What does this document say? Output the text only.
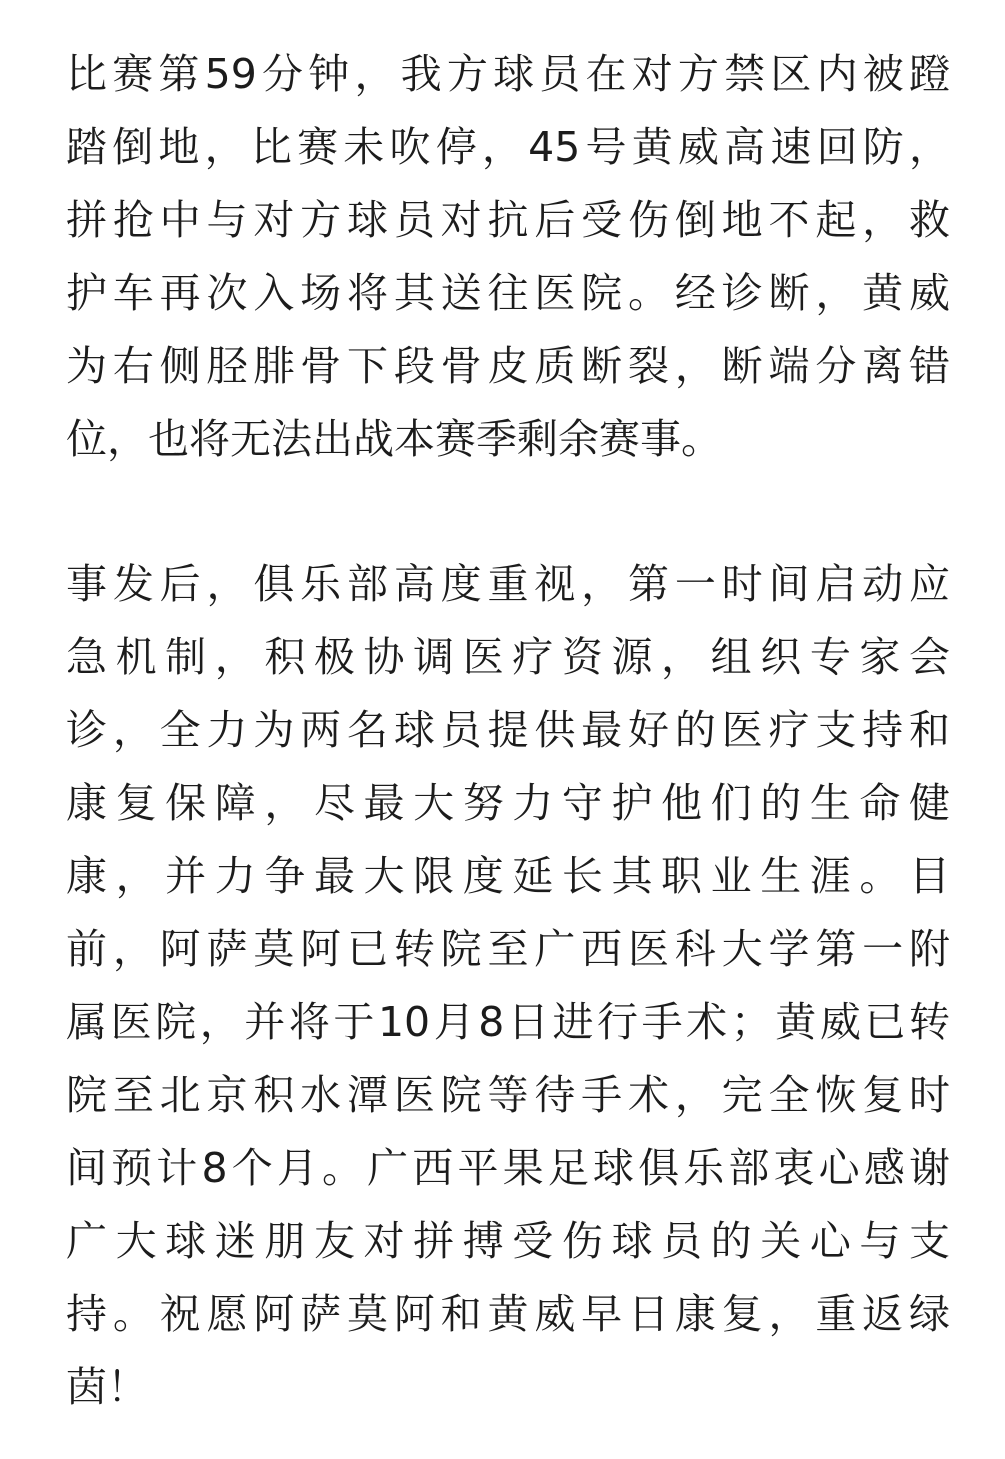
比赛第59分钟，我方球员在对方禁区内被蹬
踏倒地，比赛未吹停，45号黄威高速回防，
拼抢中与对方球员对抗后受伤倒地不起，救
护车再次入场将其送往医院。经诊断，黄威
为右侧胫腓骨下段骨皮质断裂，断端分离错
位，也将无法出战本赛季剩余赛事。
事发后，俱乐部高度重视，第一时间启动应
急机制，积极协调医疗资源，组织专家会
诊，全力为两名球员提供最好的医疗支持和
康复保障，尽最大努力守护他们的生命健
康，并力争最大限度延长其职业生涯。目
前，阿萨莫阿已转院至广西医科大学第一附
属医院，并将于10月8日进行手术；黄威已转
院至北京积水潭医院等待手术，完全恢复时
间预计8个月。广西平果足球俱乐部衷心感谢
广大球迷朋友对拼搏受伤球员的关心与支
持。祝愿阿萨莫阿和黄威早日康复，重返绿
茵！
